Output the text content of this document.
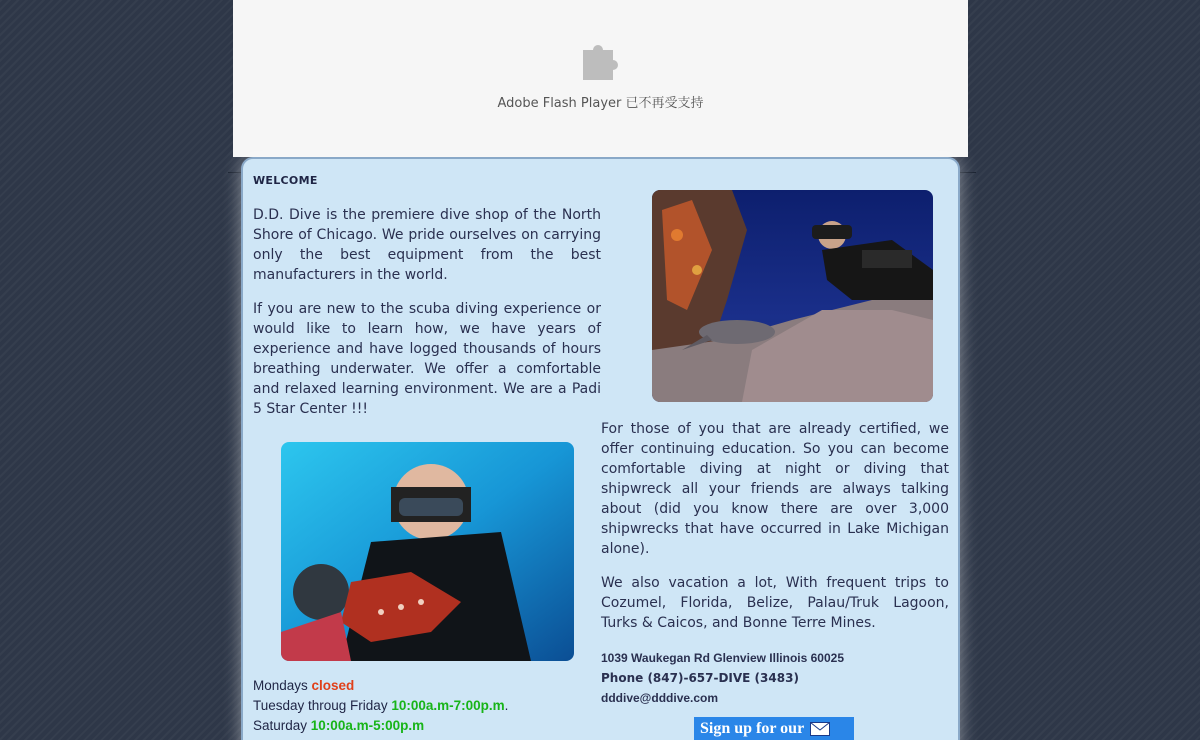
Adobe Flash Player 已不再受支持
WELCOME
D.D. Dive is the premiere dive shop of the North Shore of Chicago. We pride ourselves on carrying only the best equipment from the best manufacturers in the world.
If you are new to the scuba diving experience or would like to learn how, we have years of experience and have logged thousands of hours breathing underwater. We offer a comfortable and relaxed learning environment. We are a Padi 5 Star Center !!!
For those of you that are already certified, we offer continuing education. So you can become comfortable diving at night or diving that shipwreck all your friends are always talking about (did you know there are over 3,000 shipwrecks that have occurred in Lake Michigan alone).
We also vacation a lot, With frequent trips to Cozumel, Florida, Belize, Palau/Truk Lagoon, Turks & Caicos, and Bonne Terre Mines.
1039 Waukegan Rd Glenview Illinois 60025
Phone (847)-657-DIVE (3483)
dddive@dddive.com
Mondays closed
Tuesday throug Friday 10:00a.m-7:00p.m.
Saturday 10:00a.m-5:00p.m	Sign up for our
